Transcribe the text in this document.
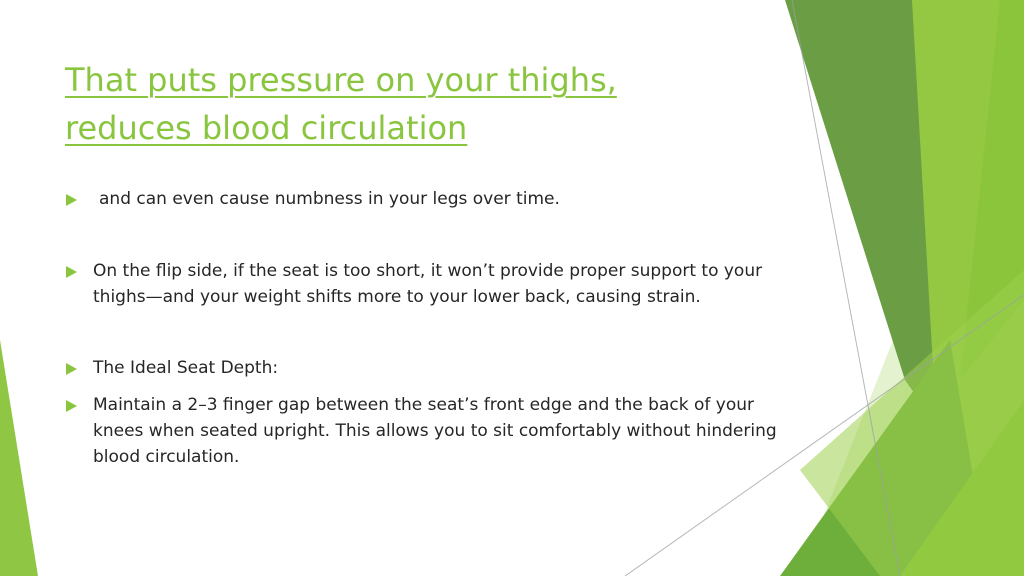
That puts pressure on your thighs,
reduces blood circulation
and can even cause numbness in your legs over time.
On the flip side, if the seat is too short, it won’t provide proper support to your thighs—and your weight shifts more to your lower back, causing strain.
The Ideal Seat Depth:
Maintain a 2–3 finger gap between the seat’s front edge and the back of your knees when seated upright. This allows you to sit comfortably without hindering blood circulation.
